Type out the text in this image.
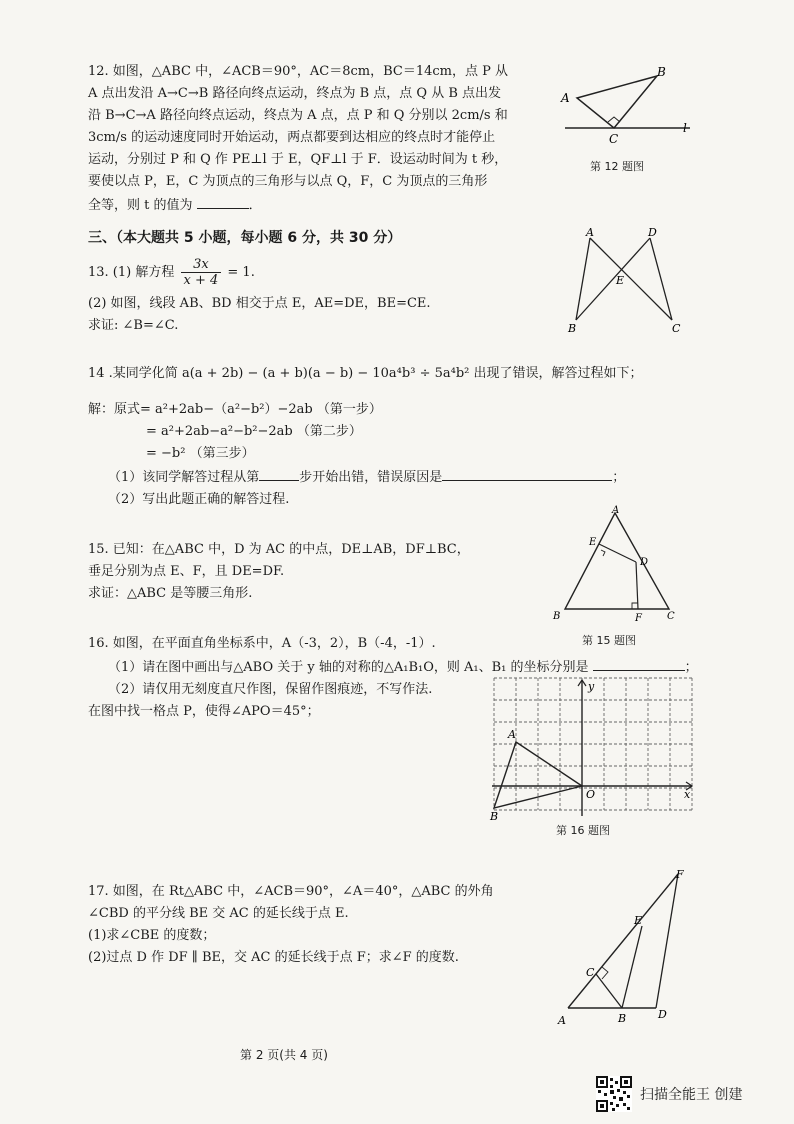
12. 如图，△ABC 中，∠ACB＝90°，AC＝8cm，BC＝14cm，点 P 从
A 点出发沿 A→C→B 路径向终点运动，终点为 B 点，点 Q 从 B 点出发
沿 B→C→A 路径向终点运动，终点为 A 点，点 P 和 Q 分别以 2cm/s 和
3cm/s 的运动速度同时开始运动，两点都要到达相应的终点时才能停止
运动，分别过 P 和 Q 作 PE⊥l 于 E，QF⊥l 于 F．设运动时间为 t 秒，
要使以点 P，E，C 为顶点的三角形与以点 Q，F，C 为顶点的三角形
全等，则 t 的值为	．
A
B
C
l
第 12 题图
三、（本大题共 5 小题，每小题 6 分，共 30 分）
13. (1) 解方程 $\frac{3x}{x + 4} = 1$.
(2) 如图，线段 AB、BD 相交于点 E，AE=DE，BE=CE.
求证: ∠B=∠C.
A	D
E
B	C
14 .某同学化简 a(a + 2b) − (a + b)(a − b) − 10a⁴b³ ÷ 5a⁴b² 出现了错误，解答过程如下；
解：原式= a²+2ab−（a²−b²）−2ab （第一步）
= a²+2ab−a²−b²−2ab （第二步）
= −b² （第三步）
（1）该同学解答过程从第	步开始出错，错误原因是	；
（2）写出此题正确的解答过程.
15. 已知：在△ABC 中，D 为 AC 的中点，DE⊥AB，DF⊥BC，
垂足分别为点 E、F，且 DE=DF.
求证：△ABC 是等腰三角形.
A
E
D
B	F	C
第 15 题图
16. 如图，在平面直角坐标系中，A（-3，2），B（-4，-1）.
（1）请在图中画出与△ABO 关于 y 轴的对称的△A₁B₁O，则 A₁、B₁ 的坐标分别是	；
（2）请仅用无刻度直尺作图，保留作图痕迹，不写作法.
在图中找一格点 P，使得∠APO＝45°；
A
B
O	x
y
第 16 题图
17. 如图，在 Rt△ABC 中，∠ACB＝90°，∠A＝40°，△ABC 的外角
∠CBD 的平分线 BE 交 AC 的延长线于点 E.
(1)求∠CBE 的度数；
(2)过点 D 作 DF ∥ BE，交 AC 的延长线于点 F；求∠F 的度数.
F
E
C
A	B	D
第 2 页(共 4 页)
扫描全能王 创建
